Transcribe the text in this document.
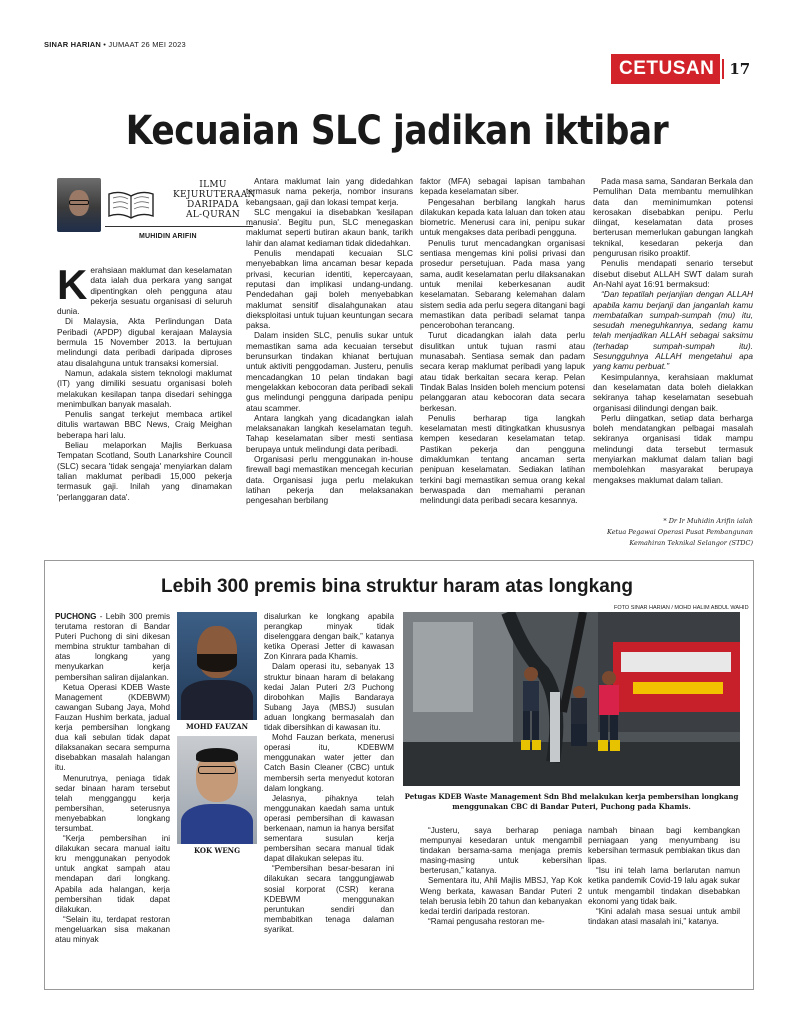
SINAR HARIAN • JUMAAT 26 MEI 2023
CETUSAN	17
Kecuaian SLC jadikan iktibar
ILMU
KEJURUTERAAN
DARIPADA
AL-QURAN
MUHIDIN ARIFIN

Kerahsiaan maklumat dan keselamatan data ialah dua perkara yang sangat dipentingkan oleh pengguna atau pekerja sesuatu organisasi di seluruh dunia.

Di Malaysia, Akta Perlindungan Data Peribadi (APDP) digubal kerajaan Malaysia bermula 15 November 2013. Ia bertujuan melindungi data peribadi daripada diproses atau disalahguna untuk transaksi komersial.

Namun, adakala sistem teknologi maklumat (IT) yang dimiliki sesuatu organisasi boleh melakukan kesilapan tanpa disedari sehingga menimbulkan banyak masalah.

Penulis sangat terkejut membaca artikel ditulis wartawan BBC News, Craig Meighan beberapa hari lalu.

Beliau melaporkan Majlis Berkuasa Tempatan Scotland, South Lanarkshire Council (SLC) secara 'tidak sengaja' menyiarkan dalam talian maklumat peribadi 15,000 pekerja termasuk gaji. Inilah yang dinamakan 'perlanggaran data'.

Antara maklumat lain yang didedahkan termasuk nama pekerja, nombor insurans kebangsaan, gaji dan lokasi tempat kerja.

SLC mengakui ia disebabkan 'kesilapan manusia'. Begitu pun, SLC menegaskan maklumat seperti butiran akaun bank, tarikh lahir dan alamat kediaman tidak didedahkan.

Penulis mendapati kecuaian SLC menyebabkan lima ancaman besar kepada privasi, kecurian identiti, kepercayaan, reputasi dan implikasi undang-undang. Pendedahan gaji boleh menyebabkan maklumat sensitif disalahgunakan atau dieksploitasi untuk tujuan keuntungan secara paksa.

Dalam insiden SLC, penulis sukar untuk memastikan sama ada kecuaian tersebut berunsurkan tindakan khianat bertujuan untuk aktiviti penggodaman. Justeru, penulis mencadangkan 10 pelan tindakan bagi mengelakkan kebocoran data peribadi sekali gus melindungi pengguna daripada penipu atau scammer.

Antara langkah yang dicadangkan ialah melaksanakan langkah keselamatan teguh. Tahap keselamatan siber mesti sentiasa berupaya untuk melindungi data peribadi.

Organisasi perlu menggunakan in-house firewall bagi memastikan mencegah kecurian data. Organisasi juga perlu melakukan latihan pekerja dan melaksanakan pengesahan berbilang

faktor (MFA) sebagai lapisan tambahan kepada keselamatan siber.

Pengesahan berbilang langkah harus dilakukan kepada kata laluan dan token atau biometric. Menerusi cara ini, penipu sukar untuk mengakses data peribadi pengguna.

Penulis turut mencadangkan organisasi sentiasa mengemas kini polisi privasi dan prosedur persetujuan. Pada masa yang sama, audit keselamatan perlu dilaksanakan untuk menilai keberkesanan audit keselamatan. Sebarang kelemahan dalam sistem sedia ada perlu segera ditangani bagi memastikan data peribadi selamat tanpa pencerobohan terancang.

Turut dicadangkan ialah data perlu disulitkan untuk tujuan rasmi atau munasabah. Sentiasa semak dan padam secara kerap maklumat peribadi yang lapuk atau tidak berkaitan secara kerap. Pelan Tindak Balas Insiden boleh mencium potensi pelanggaran atau kebocoran data secara berkesan.

Penulis berharap tiga langkah keselamatan mesti ditingkatkan khususnya kempen kesedaran keselamatan tetap. Pastikan pekerja dan pengguna dimaklumkan tentang ancaman serta penipuan keselamatan. Sediakan latihan terkini bagi memastikan semua orang kekal berwaspada dan memahami peranan melindungi data peribadi secara kesannya.

Pada masa sama, Sandaran Berkala dan Pemulihan Data membantu memulihkan data dan meminimumkan potensi kerosakan disebabkan penipu. Perlu diingat, keselamatan data proses berterusan memerlukan gabungan langkah teknikal, kesedaran pekerja dan pengurusan risiko proaktif.

Penulis mendapati senario tersebut disebut disebut ALLAH SWT dalam surah An-Nahl ayat 16:91 bermaksud:

“Dan tepatilah perjanjian dengan ALLAH apabila kamu berjanji dan janganlah kamu membatalkan sumpah-sumpah (mu) itu, sesudah meneguhkannya, sedang kamu telah menjadikan ALLAH sebagai saksimu (terhadap sumpah-sumpah itu). Sesungguhnya ALLAH mengetahui apa yang kamu perbuat.”

Kesimpulannya, kerahsiaan maklumat dan keselamatan data boleh dielakkan sekiranya tahap keselamatan sesebuah organisasi dilindungi dengan baik.

Perlu diingatkan, setiap data berharga boleh mendatangkan pelbagai masalah sekiranya organisasi tidak mampu melindungi data tersebut termasuk menyiarkan maklumat dalam talian bagi membolehkan masyarakat berupaya mengakses maklumat dalam talian.

* Dr Ir Muhidin Arifin ialah
Ketua Pegawai Operasi Pusat Pembangunan
Kemahiran Teknikal Selangor (STDC)
Lebih 300 premis bina struktur haram atas longkang
FOTO SINAR HARIAN / MOHD HALIM ABDUL WAHID

PUCHONG - Lebih 300 premis terutama restoran di Bandar Puteri Puchong di sini dikesan membina struktur tambahan di atas longkang yang menyukarkan kerja pembersihan saliran dijalankan.

Ketua Operasi KDEB Waste Management (KDEBWM) cawangan Subang Jaya, Mohd Fauzan Hushim berkata, jadual kerja pembersihan longkang dua kali sebulan tidak dapat dilaksanakan secara sempurna disebabkan masalah halangan itu.

Menurutnya, peniaga tidak sedar binaan haram tersebut telah mengganggu kerja pembersihan, seterusnya menyebabkan longkang tersumbat.

“Kerja pembersihan ini dilakukan secara manual iaitu kru menggunakan penyodok untuk angkat sampah atau mendapan dari longkang. Apabila ada halangan, kerja pembersihan tidak dapat dilakukan.

“Selain itu, terdapat restoran mengeluarkan sisa makanan atau minyak

MOHD FAUZAN
KOK WENG

disalurkan ke longkang apabila perangkap minyak tidak diselenggara dengan baik,” katanya ketika Operasi Jetter di kawasan Zon Kinrara pada Khamis.

Dalam operasi itu, sebanyak 13 struktur binaan haram di belakang kedai Jalan Puteri 2/3 Puchong dirobohkan Majlis Bandaraya Subang Jaya (MBSJ) susulan aduan longkang bermasalah dan tidak dibersihkan di kawasan itu.

Mohd Fauzan berkata, menerusi operasi itu, KDEBWM menggunakan water jetter dan Catch Basin Cleaner (CBC) untuk membersih serta menyedut kotoran dalam longkang.

Jelasnya, pihaknya telah menggunakan kaedah sama untuk operasi pembersihan di kawasan berkenaan, namun ia hanya bersifat sementara susulan kerja pembersihan secara manual tidak dapat dilakukan selepas itu.

“Pembersihan besar-besaran ini dilakukan secara tanggungjawab sosial korporat (CSR) kerana KDEBWM menggunakan peruntukan sendiri dan membabitkan tenaga dalaman syarikat.

Petugas KDEB Waste Management Sdn Bhd melakukan kerja pembersihan longkang menggunakan CBC di Bandar Puteri, Puchong pada Khamis.

“Justeru, saya berharap peniaga mempunyai kesedaran untuk mengambil tindakan bersama-sama menjaga premis masing-masing untuk kebersihan berterusan,” katanya.

Sementara itu, Ahli Majlis MBSJ, Yap Kok Weng berkata, kawasan Bandar Puteri 2 telah berusia lebih 20 tahun dan kebanyakan kedai terdiri daripada restoran.

“Ramai pengusaha restoran me-

nambah binaan bagi kembangkan perniagaan yang menyumbang isu kebersihan termasuk pembiakan tikus dan lipas.

“Isu ini telah lama berlarutan namun ketika pandemik Covid-19 lalu agak sukar untuk mengambil tindakan disebabkan ekonomi yang tidak baik.

“Kini adalah masa sesuai untuk ambil tindakan atasi masalah ini,” katanya.
